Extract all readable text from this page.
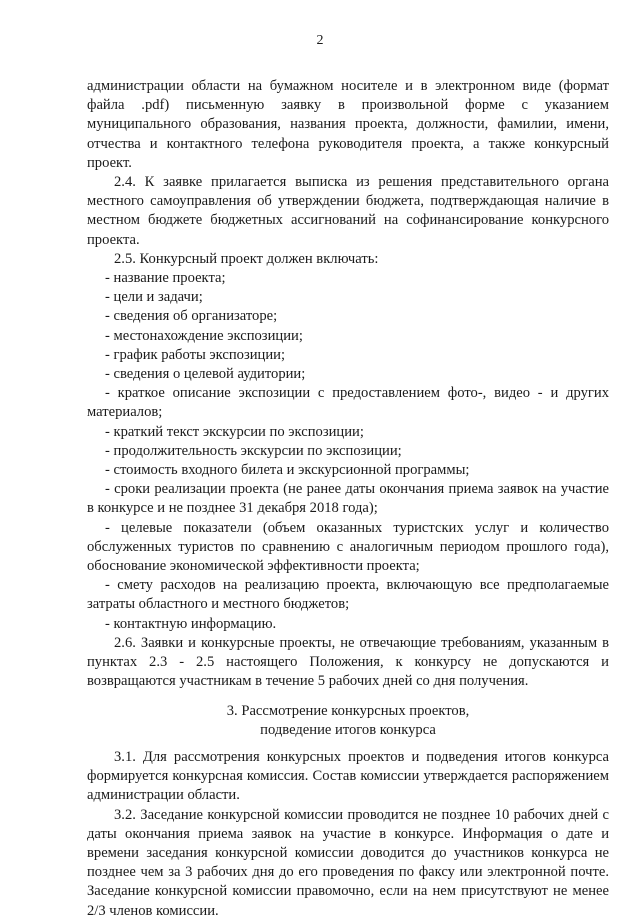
2

администрации области на бумажном носителе и в электронном виде (формат файла .pdf) письменную заявку в произвольной форме с указанием муниципального образования, названия проекта, должности, фамилии, имени, отчества и контактного телефона руководителя проекта, а также конкурсный проект.

2.4. К заявке прилагается выписка из решения представительного органа местного самоуправления об утверждении бюджета, подтверждающая наличие в местном бюджете бюджетных ассигнований на софинансирование конкурсного проекта.

2.5. Конкурсный проект должен включать:

- название проекта;

- цели и задачи;

- сведения об организаторе;

- местонахождение экспозиции;

- график работы экспозиции;

- сведения о целевой аудитории;

- краткое описание экспозиции с предоставлением фото-, видео - и других материалов;

- краткий текст экскурсии по экспозиции;

- продолжительность экскурсии по экспозиции;

- стоимость входного билета и экскурсионной программы;

- сроки реализации проекта (не ранее даты окончания приема заявок на участие в конкурсе и не позднее 31 декабря 2018 года);

- целевые показатели (объем оказанных туристских услуг и количество обслуженных туристов по сравнению с аналогичным периодом прошлого года), обоснование экономической эффективности проекта;

- смету расходов на реализацию проекта, включающую все предполагаемые затраты областного и местного бюджетов;

- контактную информацию.

2.6. Заявки и конкурсные проекты, не отвечающие требованиям, указанным в пунктах 2.3 - 2.5 настоящего Положения, к конкурсу не допускаются и возвращаются участникам в течение 5 рабочих дней со дня получения.

3. Рассмотрение конкурсных проектов,
подведение итогов конкурса

3.1. Для рассмотрения конкурсных проектов и подведения итогов конкурса формируется конкурсная комиссия. Состав комиссии утверждается распоряжением администрации области.

3.2. Заседание конкурсной комиссии проводится не позднее 10 рабочих дней с даты окончания приема заявок на участие в конкурсе. Информация о дате и времени заседания конкурсной комиссии доводится до участников конкурса не позднее чем за 3 рабочих дня до его проведения по факсу или электронной почте. Заседание конкурсной комиссии правомочно, если на нем присутствуют не менее 2/3 членов комиссии.
